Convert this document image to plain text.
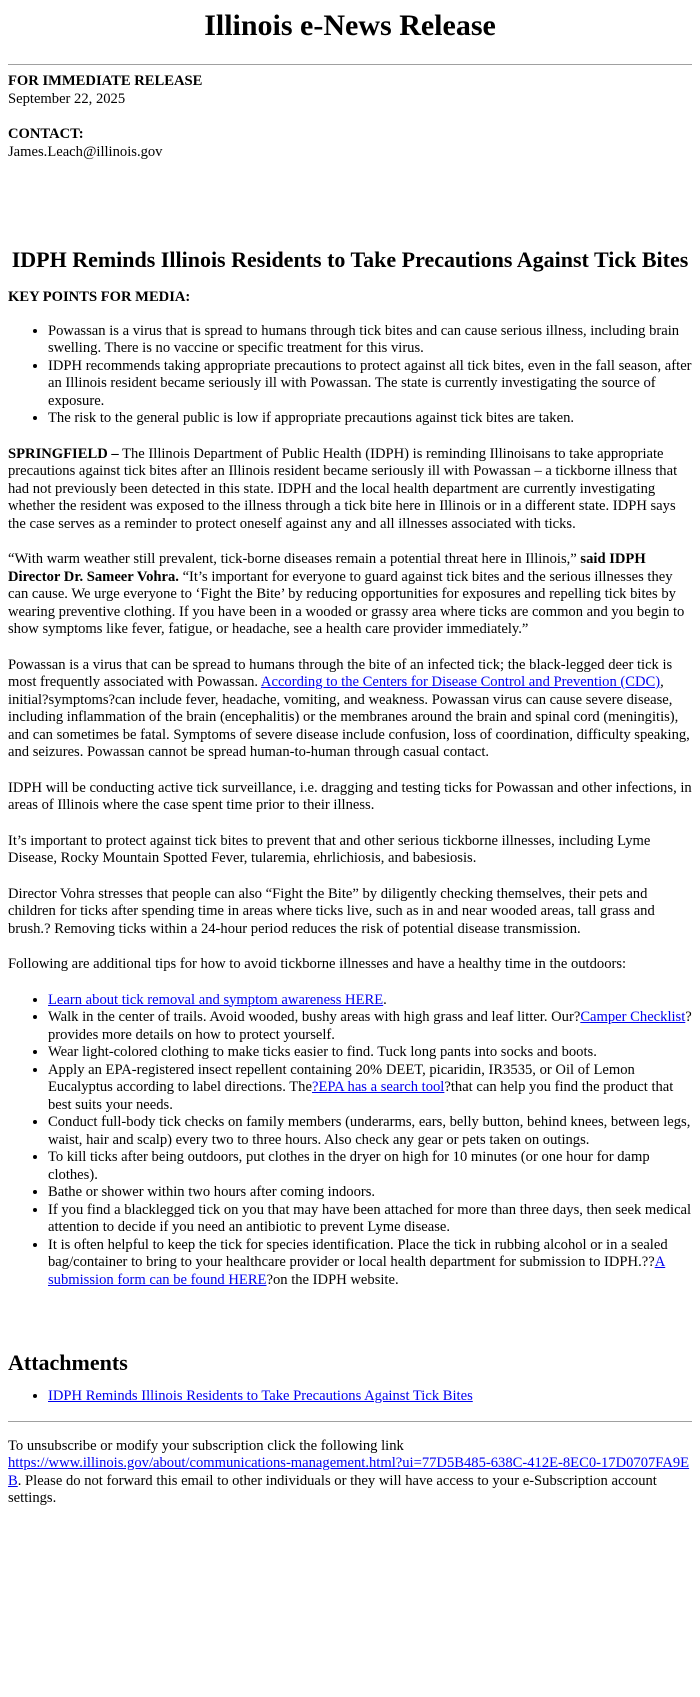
Illinois e-News Release
FOR IMMEDIATE RELEASE
September 22, 2025
CONTACT:
James.Leach@illinois.gov
IDPH Reminds Illinois Residents to Take Precautions Against Tick Bites
KEY POINTS FOR MEDIA:
• Powassan is a virus that is spread to humans through tick bites and can cause serious illness, including brain swelling. There is no vaccine or specific treatment for this virus.
• IDPH recommends taking appropriate precautions to protect against all tick bites, even in the fall season, after an Illinois resident became seriously ill with Powassan. The state is currently investigating the source of exposure.
• The risk to the general public is low if appropriate precautions against tick bites are taken.

SPRINGFIELD – The Illinois Department of Public Health (IDPH) is reminding Illinoisans to take appropriate precautions against tick bites after an Illinois resident became seriously ill with Powassan – a tickborne illness that had not previously been detected in this state. IDPH and the local health department are currently investigating whether the resident was exposed to the illness through a tick bite here in Illinois or in a different state. IDPH says the case serves as a reminder to protect oneself against any and all illnesses associated with ticks.

“With warm weather still prevalent, tick-borne diseases remain a potential threat here in Illinois,” said IDPH Director Dr. Sameer Vohra. “It’s important for everyone to guard against tick bites and the serious illnesses they can cause. We urge everyone to ‘Fight the Bite’ by reducing opportunities for exposures and repelling tick bites by wearing preventive clothing. If you have been in a wooded or grassy area where ticks are common and you begin to show symptoms like fever, fatigue, or headache, see a health care provider immediately.”

Powassan is a virus that can be spread to humans through the bite of an infected tick; the black-legged deer tick is most frequently associated with Powassan. According to the Centers for Disease Control and Prevention (CDC), initial?symptoms?can include fever, headache, vomiting, and weakness. Powassan virus can cause severe disease, including inflammation of the brain (encephalitis) or the membranes around the brain and spinal cord (meningitis), and can sometimes be fatal. Symptoms of severe disease include confusion, loss of coordination, difficulty speaking, and seizures. Powassan cannot be spread human-to-human through casual contact.

IDPH will be conducting active tick surveillance, i.e. dragging and testing ticks for Powassan and other infections, in areas of Illinois where the case spent time prior to their illness.

It’s important to protect against tick bites to prevent that and other serious tickborne illnesses, including Lyme Disease, Rocky Mountain Spotted Fever, tularemia, ehrlichiosis, and babesiosis.

Director Vohra stresses that people can also “Fight the Bite” by diligently checking themselves, their pets and children for ticks after spending time in areas where ticks live, such as in and near wooded areas, tall grass and brush.? Removing ticks within a 24-hour period reduces the risk of potential disease transmission.

Following are additional tips for how to avoid tickborne illnesses and have a healthy time in the outdoors:

• Learn about tick removal and symptom awareness HERE.
• Walk in the center of trails. Avoid wooded, bushy areas with high grass and leaf litter. Our?Camper Checklist?provides more details on how to protect yourself.
• Wear light-colored clothing to make ticks easier to find. Tuck long pants into socks and boots.
• Apply an EPA-registered insect repellent containing 20% DEET, picaridin, IR3535, or Oil of Lemon Eucalyptus according to label directions. The?EPA has a search tool?that can help you find the product that best suits your needs.
• Conduct full-body tick checks on family members (underarms, ears, belly button, behind knees, between legs, waist, hair and scalp) every two to three hours. Also check any gear or pets taken on outings.
• To kill ticks after being outdoors, put clothes in the dryer on high for 10 minutes (or one hour for damp clothes).
• Bathe or shower within two hours after coming indoors.
• If you find a blacklegged tick on you that may have been attached for more than three days, then seek medical attention to decide if you need an antibiotic to prevent Lyme disease.
• It is often helpful to keep the tick for species identification. Place the tick in rubbing alcohol or in a sealed bag/container to bring to your healthcare provider or local health department for submission to IDPH.??A submission form can be found HERE?on the IDPH website.
Attachments
• IDPH Reminds Illinois Residents to Take Precautions Against Tick Bites

To unsubscribe or modify your subscription click the following link
https://www.illinois.gov/about/communications-management.html?ui=77D5B485-638C-412E-8EC0-17D0707FA9EB. Please do not forward this email to other individuals or they will have access to your e-Subscription account settings.
